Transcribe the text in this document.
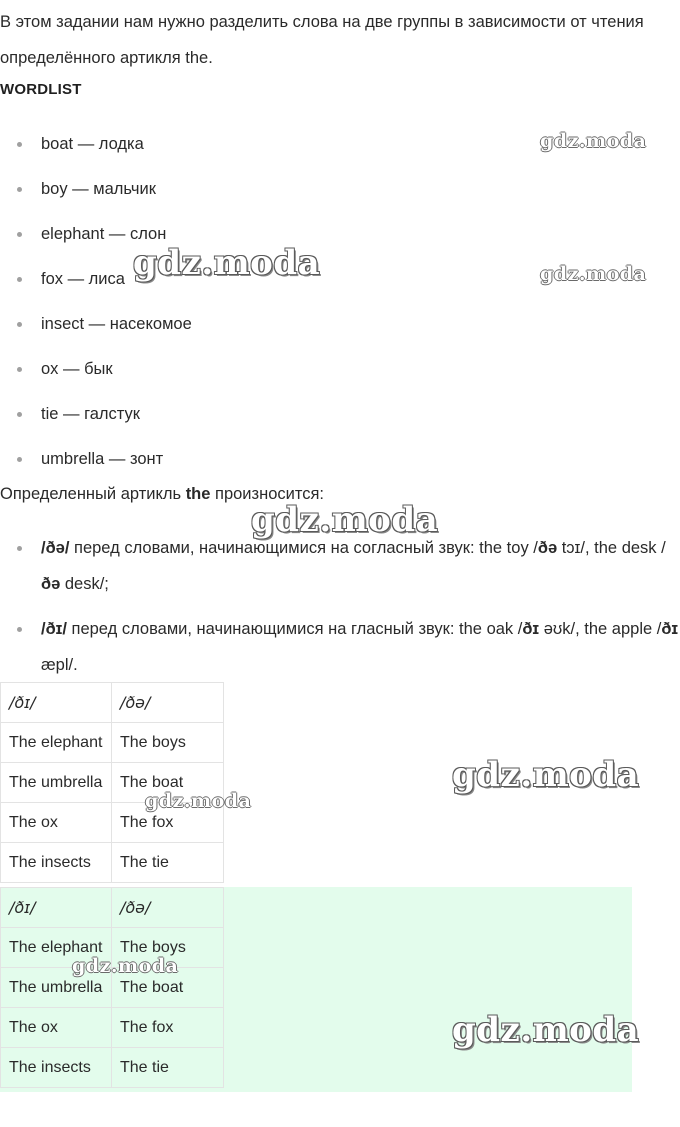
В этом задании нам нужно разделить слова на две группы в зависимости от чтения определённого артикля the.

WORDLIST
boat — лодка
boy — мальчик
elephant — слон
fox — лиса
insect — насекомое
ox — бык
tie — галстук
umbrella — зонт

Определенный артикль the произносится:

/ðə/ перед словами, начинающимися на согласный звук: the toy /ðə tɔɪ/, the desk /ðə desk/;
/ðɪ/ перед словами, начинающимися на гласный звук: the oak /ðɪ əʊk/, the apple /ðɪ æpl/.
/ðɪ/	/ðə/
The elephant	The boys
The umbrella	The boat
The ox	The fox
The insects	The tie
/ðɪ/	/ðə/
The elephant	The boys
The umbrella	The boat
The ox	The fox
The insects	The tie
gdz.moda
gdz.moda	gdz.moda
gdz.moda
gdz.moda
gdz.moda
gdz.moda
gdz.moda
